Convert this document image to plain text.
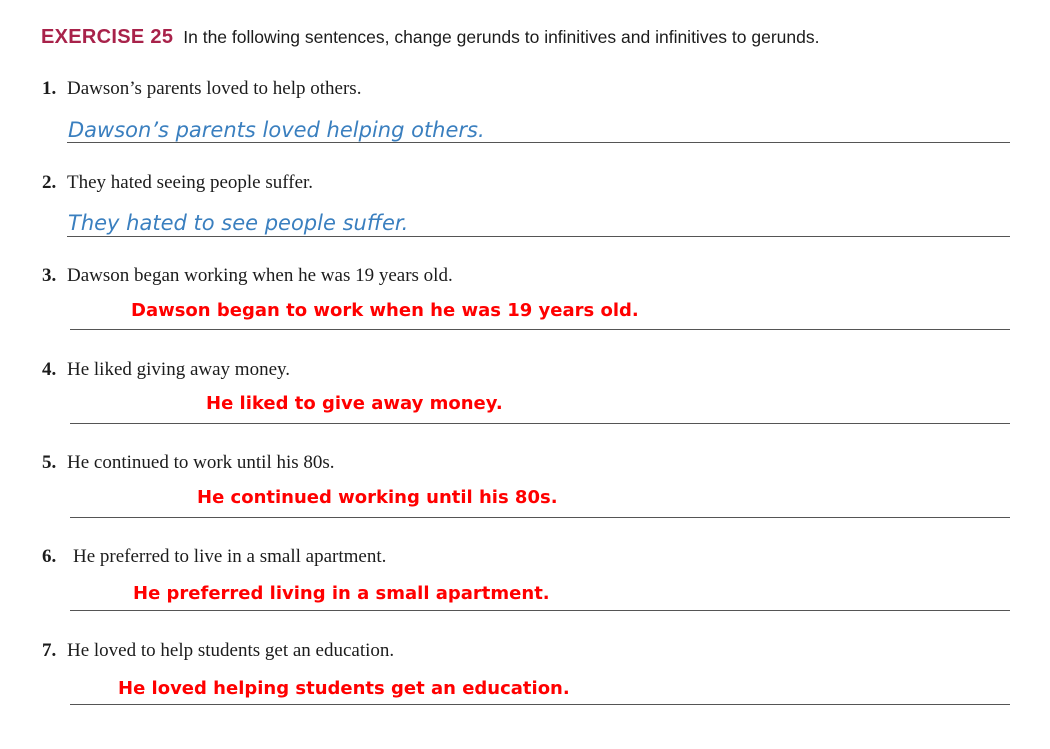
EXERCISE 25 In the following sentences, change gerunds to infinitives and infinitives to gerunds.
1. Dawson’s parents loved to help others.
Dawson’s parents loved helping others.
2. They hated seeing people suffer.
They hated to see people suffer.
3. Dawson began working when he was 19 years old.
Dawson began to work when he was 19 years old.
4. He liked giving away money.
He liked to give away money.
5. He continued to work until his 80s.
He continued working until his 80s.
6. He preferred to live in a small apartment.
He preferred living in a small apartment.
7. He loved to help students get an education.
He loved helping students get an education.
